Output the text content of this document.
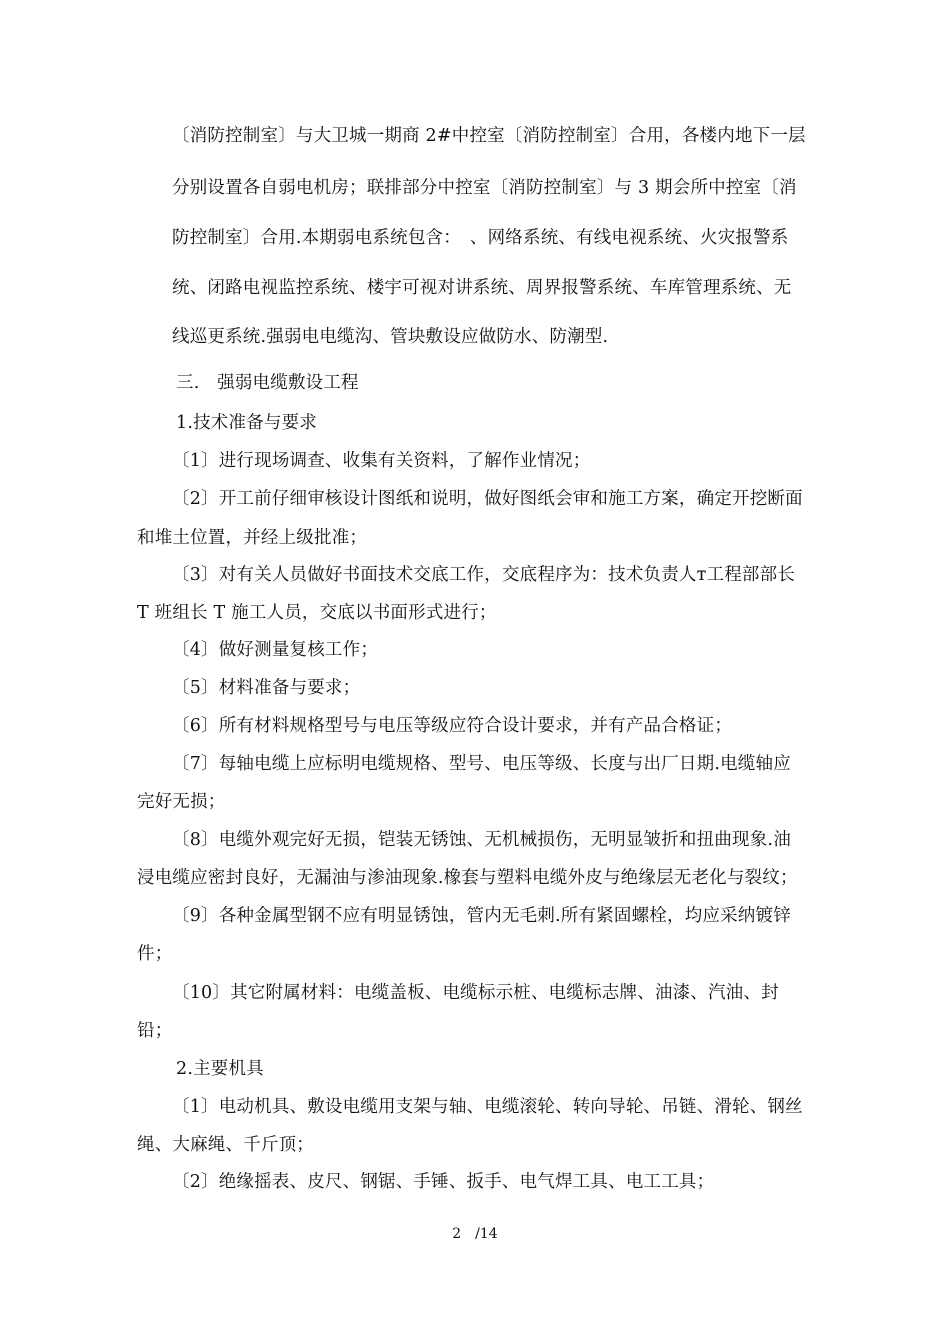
〔消防控制室〕与大卫城一期商 2#中控室〔消防控制室〕合用，各楼内地下一层
分别设置各自弱电机房；联排部分中控室〔消防控制室〕与 3 期会所中控室〔消
防控制室〕合用.本期弱电系统包含：　、网络系统、有线电视系统、火灾报警系
统、闭路电视监控系统、楼宇可视对讲系统、周界报警系统、车库管理系统、无
线巡更系统.强弱电电缆沟、管块敷设应做防水、防潮型.
三.　强弱电缆敷设工程
1.技术准备与要求
〔1〕进行现场调查、收集有关资料，了解作业情况；
〔2〕开工前仔细审核设计图纸和说明，做好图纸会审和施工方案，确定开挖断面
和堆土位置，并经上级批准；
〔3〕对有关人员做好书面技术交底工作，交底程序为：技术负责人ᴛ工程部部长
T 班组长 T 施工人员，交底以书面形式进行；
〔4〕做好测量复核工作；
〔5〕材料准备与要求；
〔6〕所有材料规格型号与电压等级应符合设计要求，并有产品合格证；
〔7〕每轴电缆上应标明电缆规格、型号、电压等级、长度与出厂日期.电缆轴应
完好无损；
〔8〕电缆外观完好无损，铠装无锈蚀、无机械损伤，无明显皱折和扭曲现象.油
浸电缆应密封良好，无漏油与渗油现象.橡套与塑料电缆外皮与绝缘层无老化与裂纹；
〔9〕各种金属型钢不应有明显锈蚀，管内无毛刺.所有紧固螺栓，均应采纳镀锌
件；
〔10〕其它附属材料：电缆盖板、电缆标示桩、电缆标志牌、油漆、汽油、封
铅；
2.主要机具
〔1〕电动机具、敷设电缆用支架与轴、电缆滚轮、转向导轮、吊链、滑轮、钢丝
绳、大麻绳、千斤顶；
〔2〕绝缘摇表、皮尺、钢锯、手锤、扳手、电气焊工具、电工工具；
2　/14
